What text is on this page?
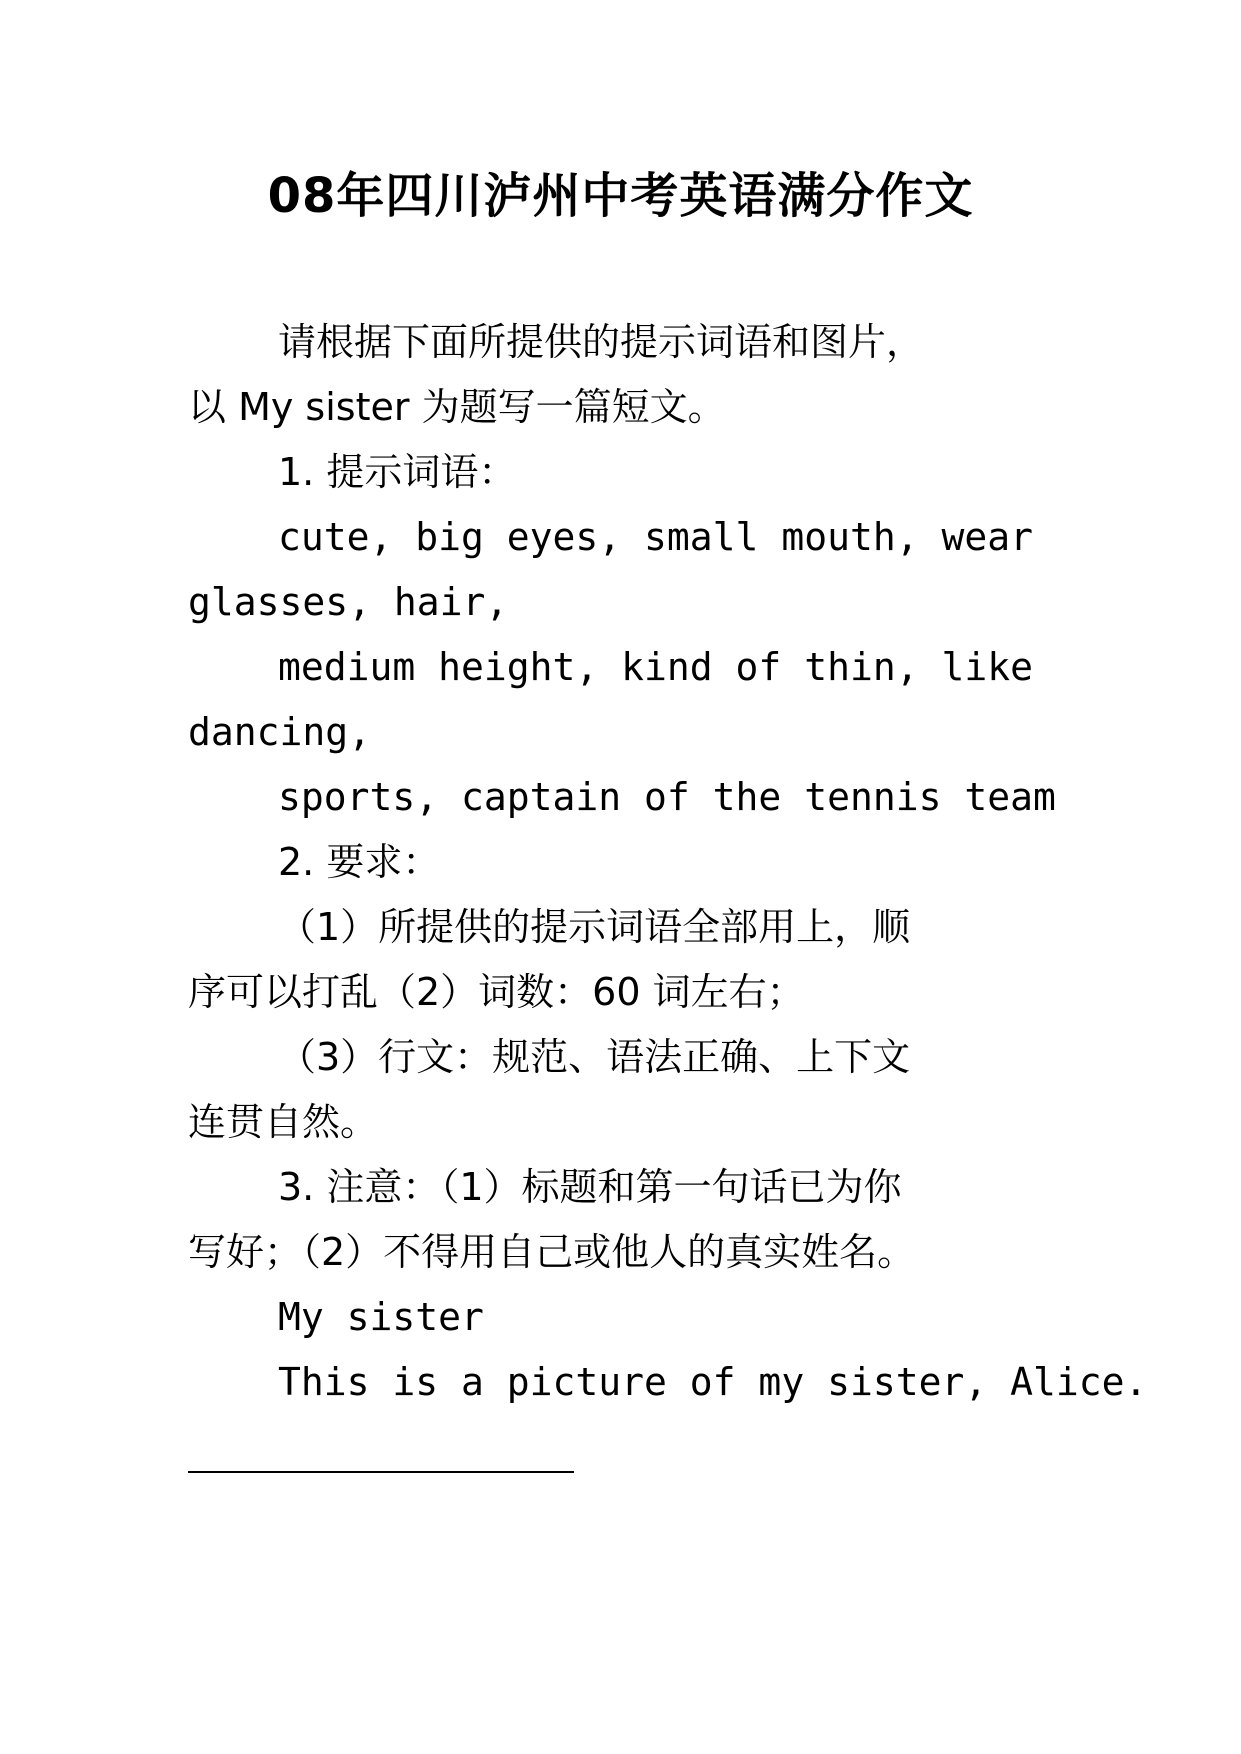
08年四川泸州中考英语满分作文
请根据下面所提供的提示词语和图片，
以 My sister 为题写一篇短文。
1. 提示词语：
cute, big eyes, small mouth, wear
glasses, hair,
medium height, kind of thin, like
dancing,
sports, captain of the tennis team
2. 要求：
（1）所提供的提示词语全部用上，顺
序可以打乱（2）词数：60 词左右；
（3）行文：规范、语法正确、上下文
连贯自然。
3. 注意：（1）标题和第一句话已为你
写好；（2）不得用自己或他人的真实姓名。
My sister
This is a picture of my sister, Alice.
